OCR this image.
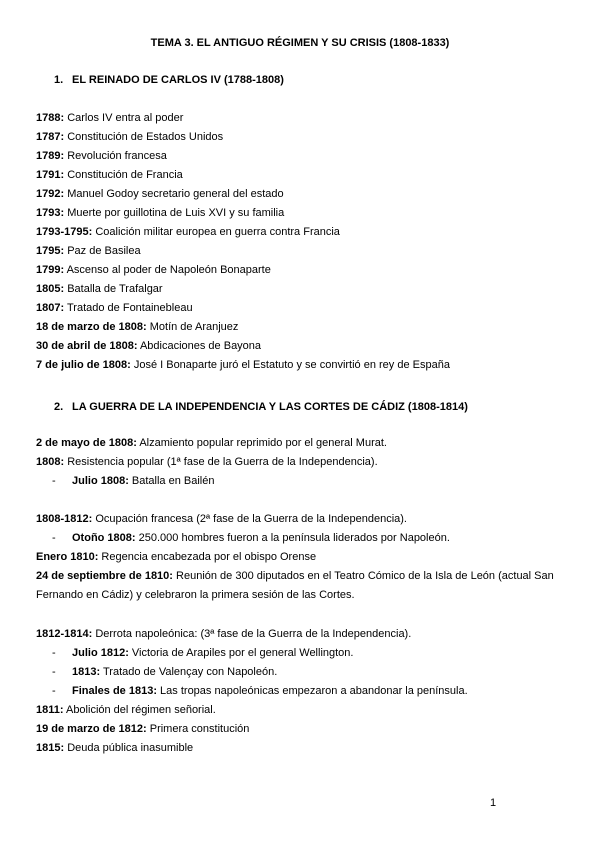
TEMA 3. EL ANTIGUO RÉGIMEN Y SU CRISIS (1808-1833)
1. EL REINADO DE CARLOS IV (1788-1808)
1788: Carlos IV entra al poder
1787: Constitución de Estados Unidos
1789: Revolución francesa
1791: Constitución de Francia
1792: Manuel Godoy secretario general del estado
1793: Muerte por guillotina de Luis XVI y su familia
1793-1795: Coalición militar europea en guerra contra Francia
1795: Paz de Basilea
1799: Ascenso al poder de Napoleón Bonaparte
1805: Batalla de Trafalgar
1807: Tratado de Fontainebleau
18 de marzo de 1808: Motín de Aranjuez
30 de abril de 1808: Abdicaciones de Bayona
7 de julio de 1808: José I Bonaparte juró el Estatuto y se convirtió en rey de España
2. LA GUERRA DE LA INDEPENDENCIA Y LAS CORTES DE CÁDIZ (1808-1814)
2 de mayo de 1808: Alzamiento popular reprimido por el general Murat.
1808: Resistencia popular (1ª fase de la Guerra de la Independencia).
- Julio 1808: Batalla en Bailén
1808-1812: Ocupación francesa (2ª fase de la Guerra de la Independencia).
- Otoño 1808: 250.000 hombres fueron a la península liderados por Napoleón.
Enero 1810: Regencia encabezada por el obispo Orense
24 de septiembre de 1810: Reunión de 300 diputados en el Teatro Cómico de la Isla de León (actual San Fernando en Cádiz) y celebraron la primera sesión de las Cortes.
1812-1814: Derrota napoleónica: (3ª fase de la Guerra de la Independencia).
- Julio 1812: Victoria de Arapiles por el general Wellington.
- 1813: Tratado de Valençay con Napoleón.
- Finales de 1813: Las tropas napoleónicas empezaron a abandonar la península.
1811: Abolición del régimen señorial.
19 de marzo de 1812: Primera constitución
1815: Deuda pública inasumible
1
